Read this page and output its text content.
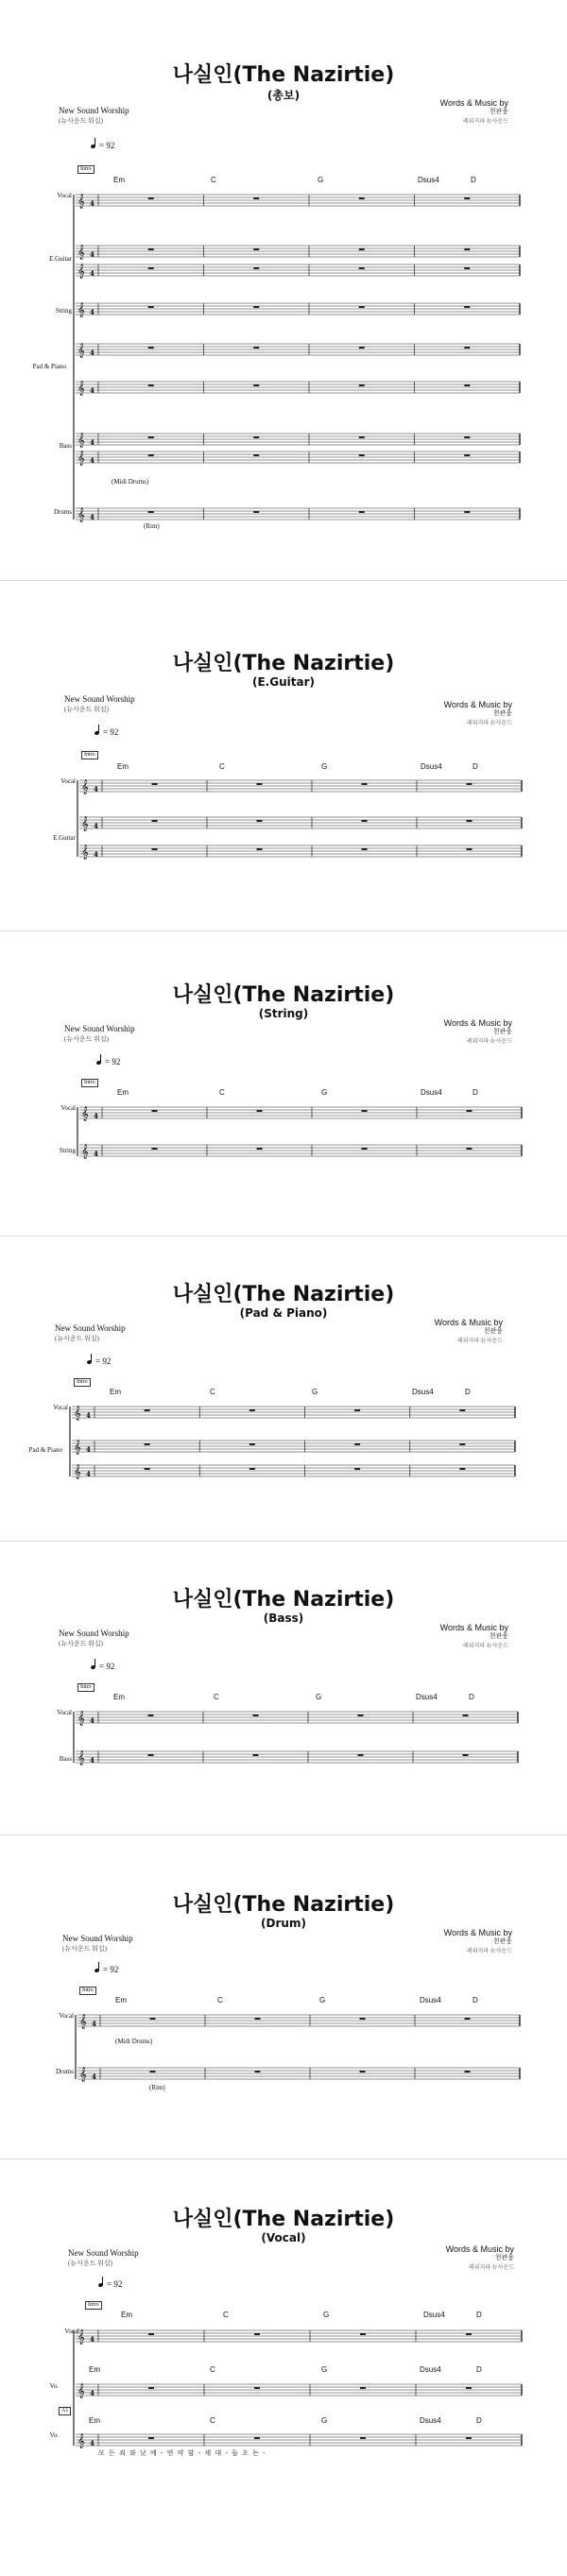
나실인(The Nazirtie)
(총보)
New Sound Worship
(뉴사운드 워십)
Words & Music by
천관웅
레위지파 뉴사운드
= 92
Intro
Em	C	G	Dsus4	D
Vocal
E.Guitar
String
Pad & Piano
Bass
Drums
(Midi Drums)
(Rim)
𝄞 4
𝄞 4
𝄞 4
𝄞 4
𝄞 4
𝄞 4
𝄞 4
𝄞 4
𝄞 4
나실인(The Nazirtie)
(E.Guitar)
New Sound Worship
(뉴사운드 워십)	Words & Music by
천관웅
레위지파 뉴사운드
= 92
Intro
Em	C	G	Dsus4	D
Vocal
E.Guitar
𝄞 4
𝄞 4
𝄞 4
나실인(The Nazirtie)
(String)
New Sound Worship
(뉴사운드 워십)
Words & Music by
천관웅
레위지파 뉴사운드
= 92
Intro
Em	C	G	Dsus4	D
Vocal
String
𝄞 4
𝄞 4
나실인(The Nazirtie)
(Pad & Piano)
New Sound Worship
(뉴사운드 워십)
Words & Music by
천관웅
레위지파 뉴사운드
= 92
Intro
Em	C	G	Dsus4	D
Vocal
Pad & Piano
𝄞 4
𝄞 4
𝄞 4
나실인(The Nazirtie)
(Bass)
New Sound Worship
(뉴사운드 워십)
Words & Music by
천관웅
레위지파 뉴사운드
= 92
Intro
Em	C	G	Dsus4	D
Vocal
Bass
𝄞 4
𝄞 4
나실인(The Nazirtie)
(Drum)
New Sound Worship
(뉴사운드 워십)
Words & Music by
천관웅
레위지파 뉴사운드
= 92
Intro
Em	C	G	Dsus4	D
Vocal
Drums
(Midi Drums)
(Rim)
𝄞 4
𝄞 4
나실인(The Nazirtie)
(Vocal)
New Sound Worship
(뉴사운드 워십)
Words & Music by
천관웅
레위지파 뉴사운드
= 92
Intro
Em	C	G	Dsus4	D
Vocal
Em	C	G	Dsus4	D
Vo.
A1
Em	C	G	Dsus4	D
Vo.
모 든 죄 와 낮 에 - 연 약 함 - 세 대 - 들 오 는 -
𝄞 4
𝄞 4
𝄞 4
